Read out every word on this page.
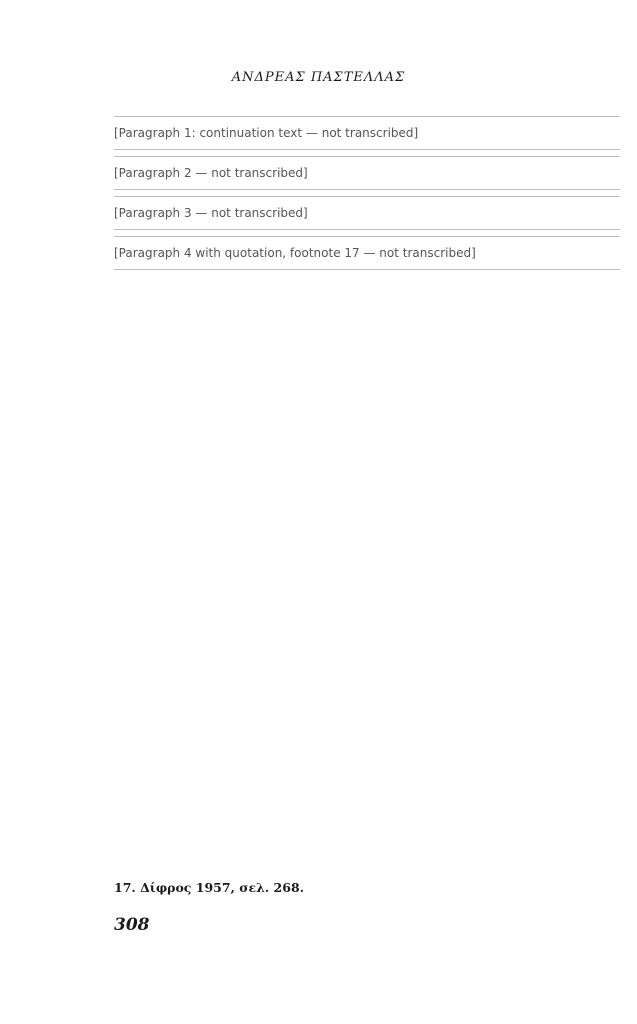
ΑΝΔΡΕΑΣ ΠΑΣΤΕΛΛΑΣ

[Paragraph 1: continuation text — not transcribed]

[Paragraph 2 — not transcribed]

[Paragraph 3 — not transcribed]

[Paragraph 4 with quotation, footnote 17 — not transcribed]

17. Δίφρος 1957, σελ. 268.
308
